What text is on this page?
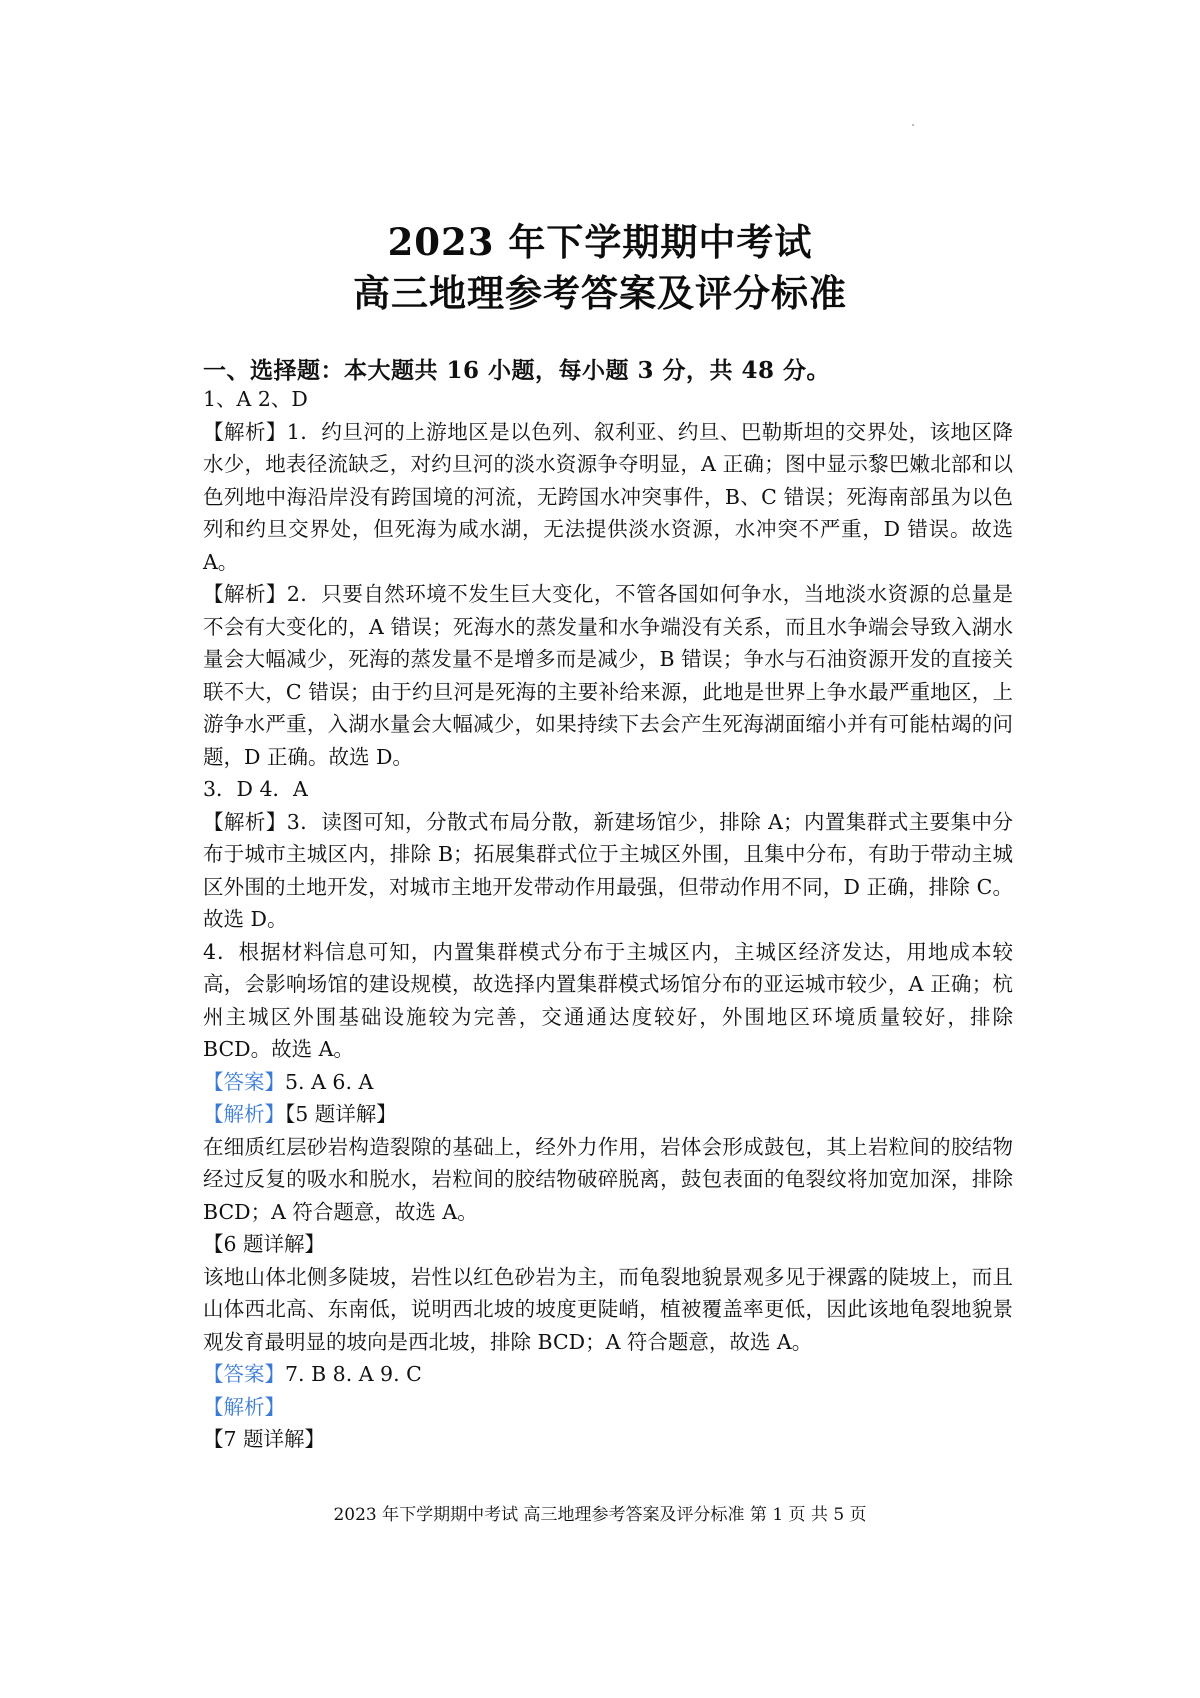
2023 年下学期期中考试
高三地理参考答案及评分标准
一、选择题：本大题共 16 小题，每小题 3 分，共 48 分。

1、A 2、D

【解析】1．约旦河的上游地区是以色列、叙利亚、约旦、巴勒斯坦的交界处，该地区降水少，地表径流缺乏，对约旦河的淡水资源争夺明显，A 正确；图中显示黎巴嫩北部和以色列地中海沿岸没有跨国境的河流，无跨国水冲突事件，B、C 错误；死海南部虽为以色列和约旦交界处，但死海为咸水湖，无法提供淡水资源，水冲突不严重，D 错误。故选 A。

【解析】2．只要自然环境不发生巨大变化，不管各国如何争水，当地淡水资源的总量是不会有大变化的，A 错误；死海水的蒸发量和水争端没有关系，而且水争端会导致入湖水量会大幅减少，死海的蒸发量不是增多而是减少，B 错误；争水与石油资源开发的直接关联不大，C 错误；由于约旦河是死海的主要补给来源，此地是世界上争水最严重地区，上游争水严重，入湖水量会大幅减少，如果持续下去会产生死海湖面缩小并有可能枯竭的问题，D 正确。故选 D。

3．D 4．A

【解析】3．读图可知，分散式布局分散，新建场馆少，排除 A；内置集群式主要集中分布于城市主城区内，排除 B；拓展集群式位于主城区外围，且集中分布，有助于带动主城区外围的土地开发，对城市主地开发带动作用最强，但带动作用不同，D 正确，排除 C。故选 D。

4．根据材料信息可知，内置集群模式分布于主城区内，主城区经济发达，用地成本较高，会影响场馆的建设规模，故选择内置集群模式场馆分布的亚运城市较少，A 正确；杭州主城区外围基础设施较为完善，交通通达度较好，外围地区环境质量较好，排除 BCD。故选 A。

【答案】5. A 6. A

【解析】【5 题详解】

在细质红层砂岩构造裂隙的基础上，经外力作用，岩体会形成鼓包，其上岩粒间的胶结物经过反复的吸水和脱水，岩粒间的胶结物破碎脱离，鼓包表面的龟裂纹将加宽加深，排除 BCD；A 符合题意，故选 A。

【6 题详解】

该地山体北侧多陡坡，岩性以红色砂岩为主，而龟裂地貌景观多见于裸露的陡坡上，而且山体西北高、东南低，说明西北坡的坡度更陡峭，植被覆盖率更低，因此该地龟裂地貌景观发育最明显的坡向是西北坡，排除 BCD；A 符合题意，故选 A。

【答案】7. B 8. A 9. C

【解析】

【7 题详解】

2023 年下学期期中考试 高三地理参考答案及评分标准 第 1 页 共 5 页
